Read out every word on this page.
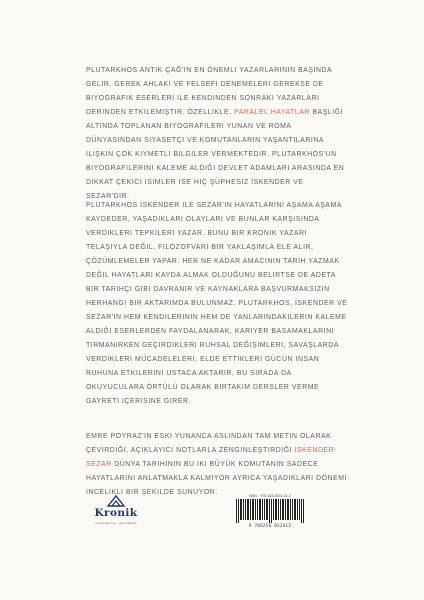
PLUTARKHOS ANTIK ÇAĞ'IN EN ÖNEMLI YAZARLARININ BAŞINDA GELIR. GEREK AHLAKI VE FELSEFI DENEMELERI GEREKSE DE BIYOGRAFIK ESERLERI ILE KENDINDEN SONRAKI YAZARLARI DERINDEN ETKILEMIŞTIR. ÖZELLIKLE, PARALEL HAYATLAR BAŞLIĞI ALTINDA TOPLANAN BIYOGRAFILERI YUNAN VE ROMA DÜNYASINDAN SIYASETÇI VE KOMUTANLARIN YAŞANTILARINA ILIŞKIN ÇOK KIYMETLI BILGILER VERMEKTEDIR. PLUTARKHOS'UN BIYOGRAFILERINI KALEME ALDIĞI DEVLET ADAMLARI ARASINDA EN DIKKAT ÇEKICI ISIMLER ISE HIÇ ŞÜPHESIZ İSKENDER VE SEZAR'DIR.
PLUTARKHOS İSKENDER ILE SEZAR'IN HAYATLARINI AŞAMA AŞAMA KAYDEDER, YAŞADIKLARI OLAYLARI VE BUNLAR KARŞISINDA VERDIKLERI TEPKILERI YAZAR. BUNU BIR KRONIK YAZARI TELAŞIYLA DEĞIL, FILOZOFVARI BIR YAKLAŞIMLA ELE ALIR, ÇÖZÜMLEMELER YAPAR. HER NE KADAR AMACININ TARIH YAZMAK DEĞIL HAYATLARI KAYDA ALMAK OLDUĞUNU BELIRTSE DE ADETA BIR TARIHÇI GIBI DAVRANIR VE KAYNAKLARA BAŞVURMAKSIZIN HERHANGI BIR AKTARIMDA BULUNMAZ. PLUTARKHOS, İSKENDER VE SEZAR'IN HEM KENDILERININ HEM DE YANLARINDAKILERIN KALEME ALDIĞI ESERLERDEN FAYDALANARAK, KARIYER BASAMAKLARINI TIRMANIRKEN GEÇIRDIKLERI RUHSAL DEĞIŞIMLERI, SAVAŞLARDA VERDIKLERI MÜCADELELERI, ELDE ETTIKLERI GÜCÜN INSAN RUHUNA ETKILERINI USTACA AKTARIR, BU SIRADA DA OKUYUCULARA ÖRTÜLÜ OLARAK BIRTAKIM DERSLER VERME GAYRETI IÇERISINE GIRER.
EMRE POYRAZ'IN ESKI YUNANCA ASLINDAN TAM METIN OLARAK ÇEVIRDIĞI, AÇIKLAYICI NOTLARLA ZENGINLEŞTIRDIĞI İSKENDER-SEZAR DÜNYA TARIHININ BU IKI BÜYÜK KOMUTANIN SADECE HAYATLARINI ANLATMAKLA KALMIYOR AYRICA YAŞADIKLARI DÖNEMI INCELIKLI BIR ŞEKILDE SUNUYOR.
Kronik
kronikkitap.com · @kronikkitap
ISBN · 978-625-8032-41-2
9 786258 032412
